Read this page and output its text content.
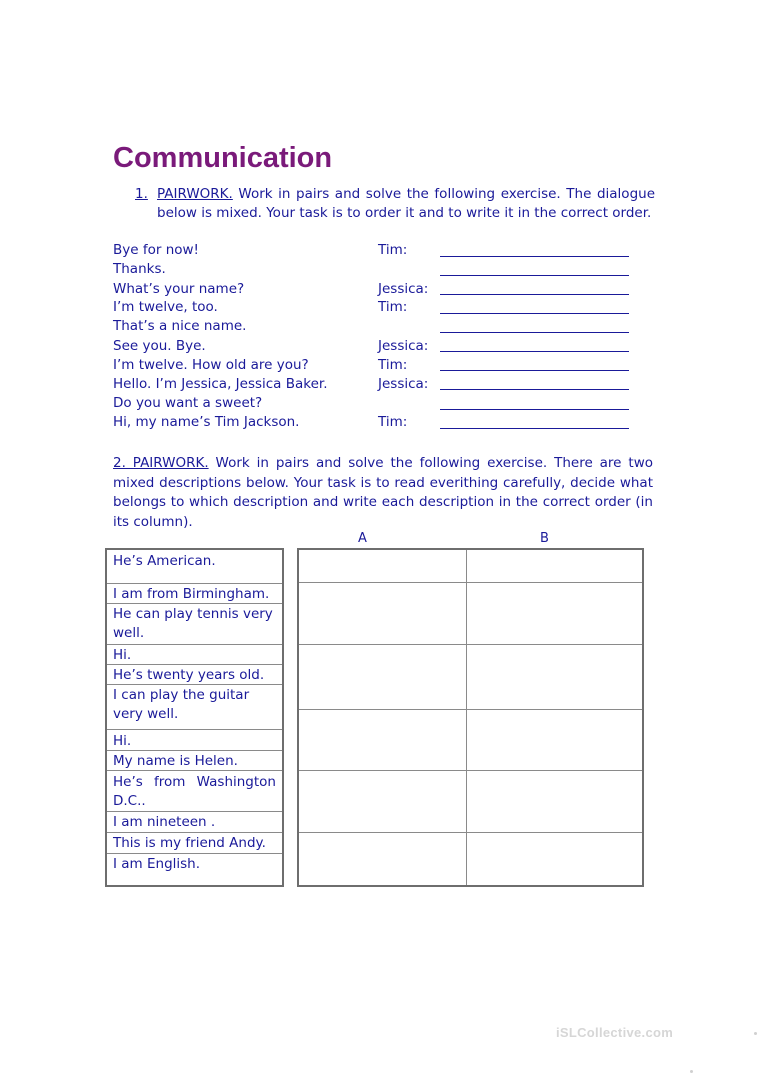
Communication
1. PAIRWORK. Work in pairs and solve the following exercise. The dialogue below is mixed. Your task is to order it and to write it in the correct order.
Bye for now!
Thanks.
What’s your name?
I’m twelve, too.
That’s a nice name.
See you. Bye.
I’m twelve. How old are you?
Hello. I’m Jessica, Jessica Baker.
Do you want a sweet?
Hi, my name’s Tim Jackson.
Tim:
Jessica:
Tim:
Jessica:
Tim:
Jessica:
Tim:
2. PAIRWORK. Work in pairs and solve the following exercise. There are two mixed descriptions below. Your task is to read everithing carefully, decide what belongs to which description and write each description in the correct order (in its column).
A	B
He’s American.
I am from Birmingham.
He can play tennis very well.
Hi.
He’s twenty years old.
I can play the guitar very well.
Hi.
My name is Helen.
He’s from Washington D.C..
I am nineteen .
This is my friend Andy.
I am English.
iSLCollective.com
